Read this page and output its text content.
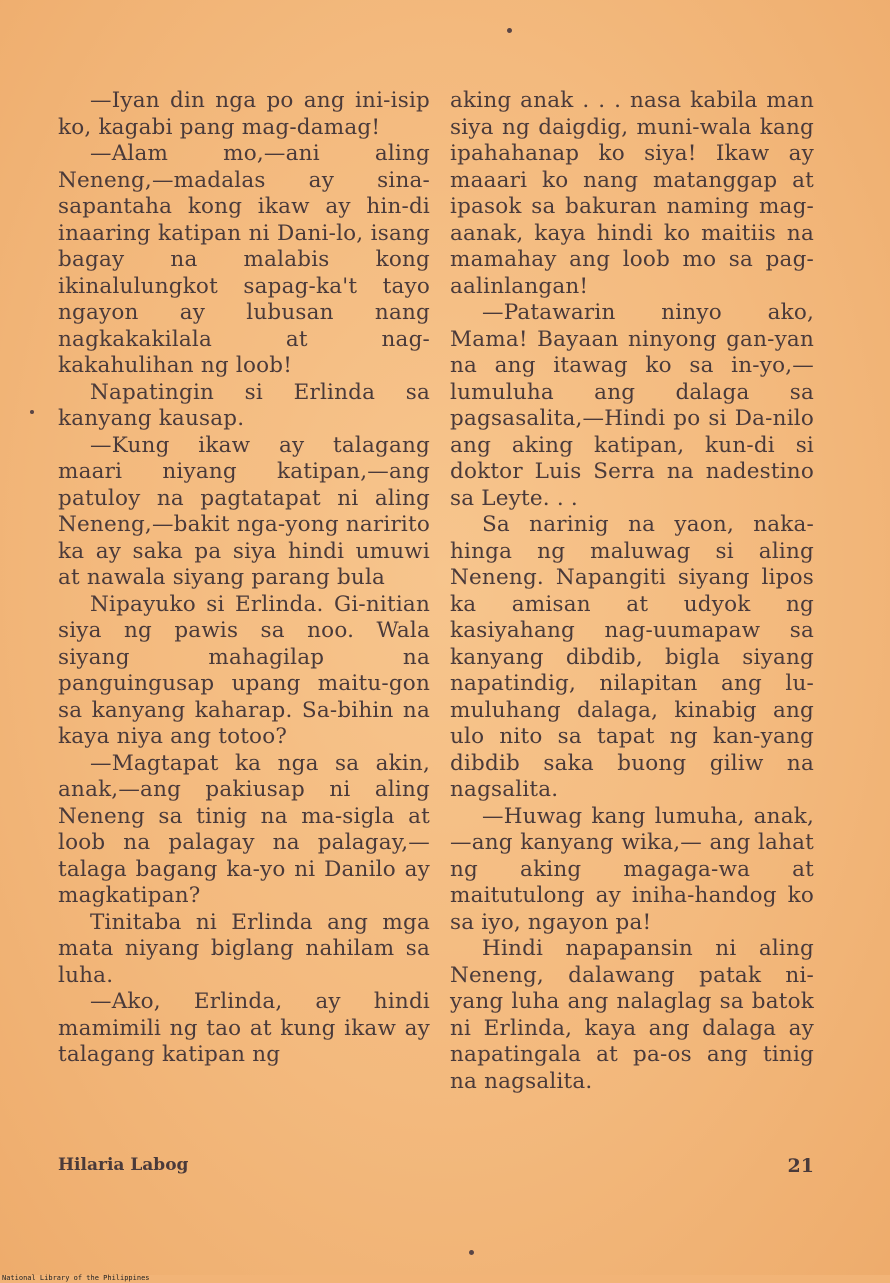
—Iyan din nga po ang ini-isip ko, kagabi pang mag-damag!

—Alam mo,—ani aling Neneng,—madalas ay sina-sapantaha kong ikaw ay hin-di inaaring katipan ni Dani-lo, isang bagay na malabis kong ikinalulungkot sapag-ka't tayo ngayon ay lubusan nang nagkakakilala at nag-kakahulihan ng loob!

Napatingin si Erlinda sa kanyang kausap.

—Kung ikaw ay talagang maari niyang katipan,—ang patuloy na pagtatapat ni aling Neneng,—bakit nga-yong naririto ka ay saka pa siya hindi umuwi at nawala siyang parang bula

Nipayuko si Erlinda. Gi-nitian siya ng pawis sa noo. Wala siyang mahagilap na panguingusap upang maitu-gon sa kanyang kaharap. Sa-bihin na kaya niya ang totoo?

—Magtapat ka nga sa akin, anak,—ang pakiusap ni aling Neneng sa tinig na ma-sigla at loob na palagay na palagay,—talaga bagang ka-yo ni Danilo ay magkatipan?

Tinitaba ni Erlinda ang mga mata niyang biglang nahilam sa luha.

—Ako, Erlinda, ay hindi mamimili ng tao at kung ikaw ay talagang katipan ng

aking anak . . . nasa kabila man siya ng daigdig, muni-wala kang ipahahanap ko siya! Ikaw ay maaari ko nang matanggap at ipasok sa bakuran naming mag-aanak, kaya hindi ko maitiis na mamahay ang loob mo sa pag-aalinlangan!

—Patawarin ninyo ako, Mama! Bayaan ninyong gan-yan na ang itawag ko sa in-yo,—lumuluha ang dalaga sa pagsasalita,—Hindi po si Da-nilo ang aking katipan, kun-di si doktor Luis Serra na nadestino sa Leyte. . .

Sa narinig na yaon, naka-hinga ng maluwag si aling Neneng. Napangiti siyang lipos ka amisan at udyok ng kasiyahang nag-uumapaw sa kanyang dibdib, bigla siyang napatindig, nilapitan ang lu-muluhang dalaga, kinabig ang ulo nito sa tapat ng kan-yang dibdib saka buong giliw na nagsalita.

—Huwag kang lumuha, anak,—ang kanyang wika,— ang lahat ng aking magaga-wa at maitutulong ay iniha-handog ko sa iyo, ngayon pa!

Hindi napapansin ni aling Neneng, dalawang patak ni-yang luha ang nalaglag sa batok ni Erlinda, kaya ang dalaga ay napatingala at pa-os ang tinig na nagsalita.

Hilaria Labog	21
National Library of the Philippines
